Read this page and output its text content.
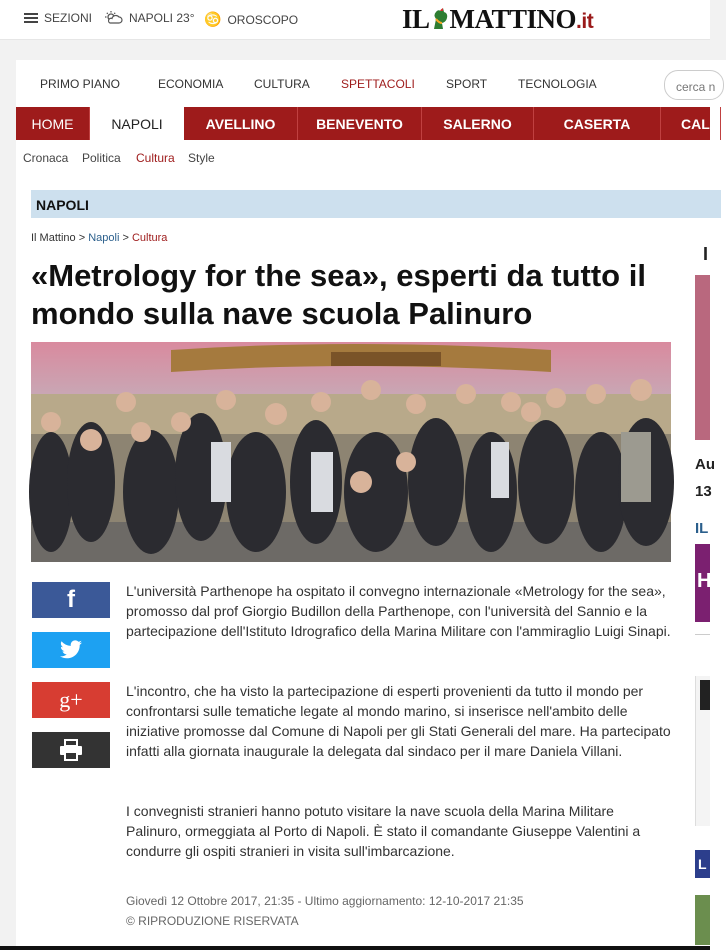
SEZIONI	NAPOLI 23° ♋ OROSCOPO	IL MATTINO.it
PRIMO PIANO	ECONOMIA	CULTURA	SPETTACOLI	SPORT	TECNOLOGIA	cerca n
HOME	NAPOLI	AVELLINO	BENEVENTO	SALERNO	CASERTA	CAL
Cronaca Politica Cultura Style
NAPOLI
Il Mattino > Napoli > Cultura
«Metrology for the sea», esperti da tutto il mondo sulla nave scuola Palinuro
f
g+

L'università Parthenope ha ospitato il convegno internazionale «Metrology for the sea», promosso dal prof Giorgio Budillon della Parthenope, con l'università del Sannio e la partecipazione dell'Istituto Idrografico della Marina Militare con l'ammiraglio Luigi Sinapi.

L'incontro, che ha visto la partecipazione di esperti provenienti da tutto il mondo per confrontarsi sulle tematiche legate al mondo marino, si inserisce nell'ambito delle iniziative promosse dal Comune di Napoli per gli Stati Generali del mare. Ha partecipato infatti alla giornata inaugurale la delegata dal sindaco per il mare Daniela Villani.

I convegnisti stranieri hanno potuto visitare la nave scuola della Marina Militare Palinuro, ormeggiata al Porto di Napoli. È stato il comandante Giuseppe Valentini a condurre gli ospiti stranieri in visita sull'imbarcazione.

Giovedì 12 Ottobre 2017, 21:35 - Ultimo aggiornamento: 12-10-2017 21:35
© RIPRODUZIONE RISERVATA
I
Au
13
IL
H
L
